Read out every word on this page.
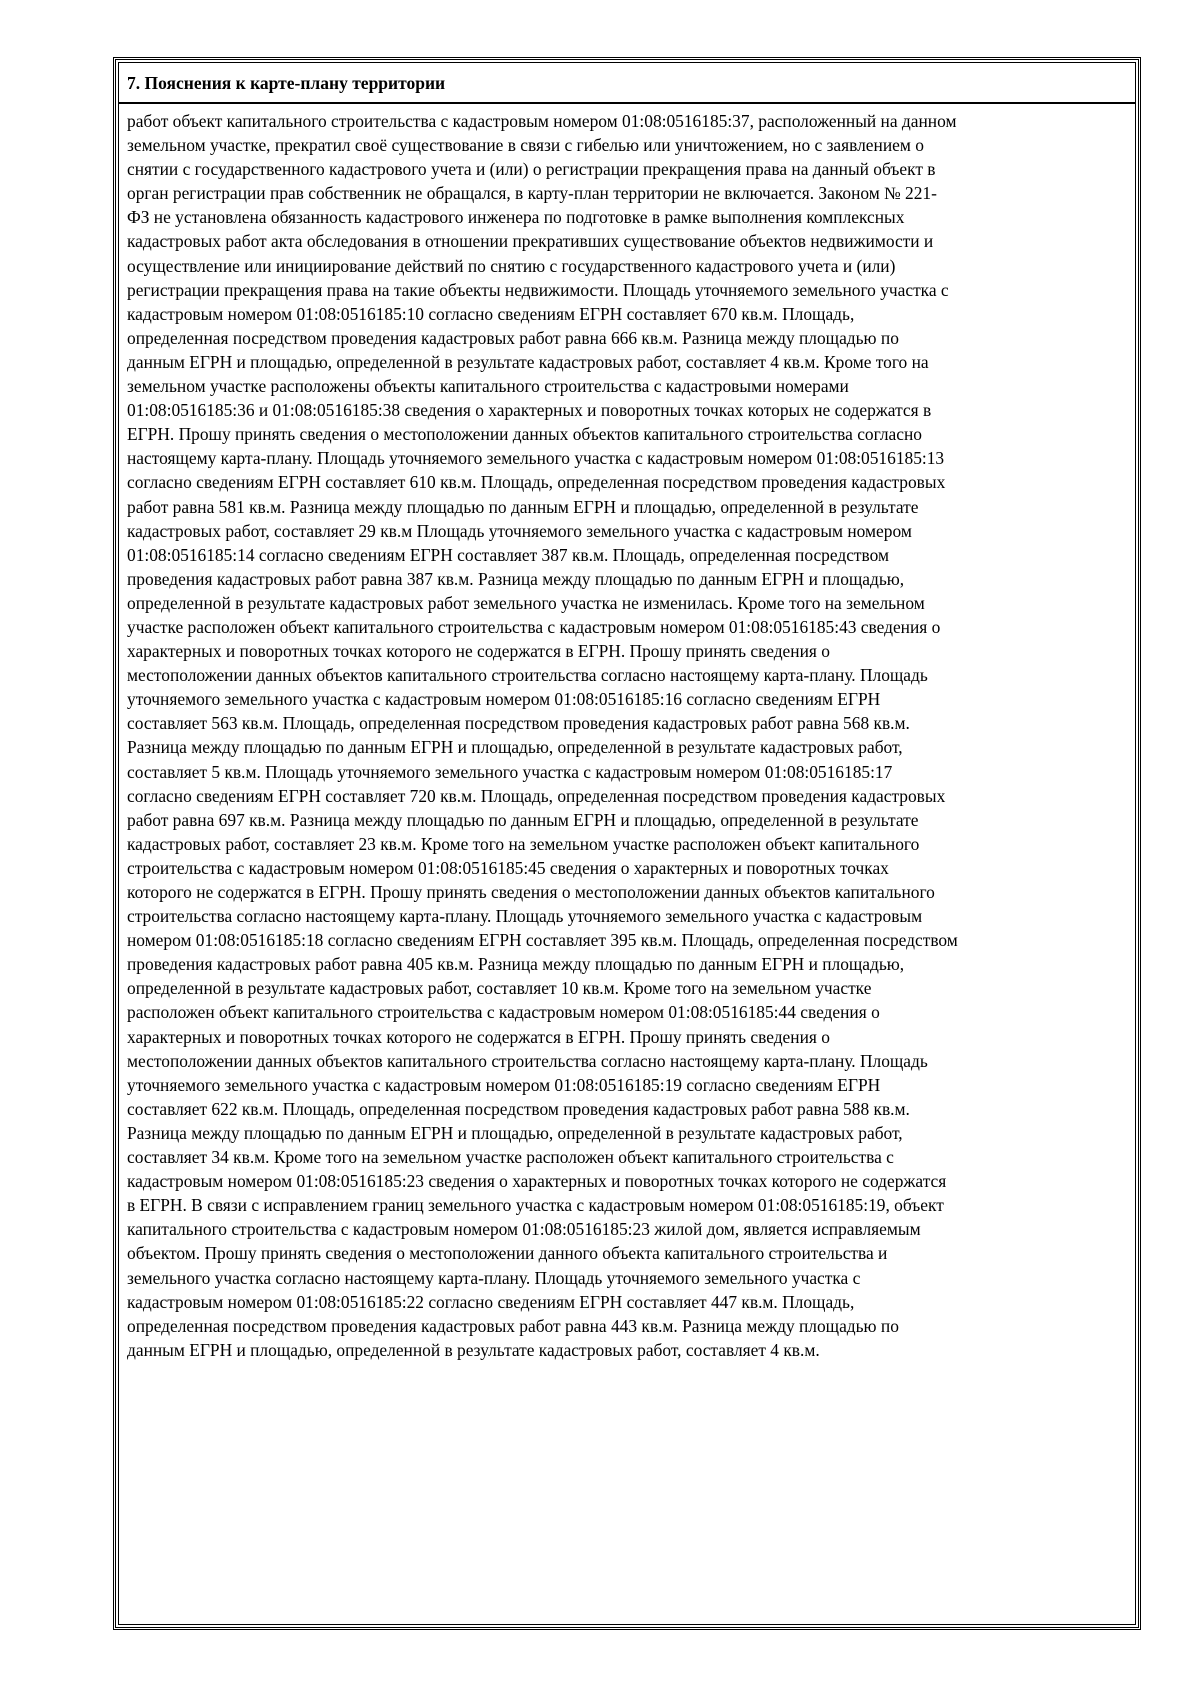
7. Пояснения к карте-плану территории
работ объект капитального строительства с кадастровым номером 01:08:0516185:37, расположенный на данном
земельном участке, прекратил своё существование в связи с гибелью или уничтожением, но с заявлением о
снятии с государственного кадастрового учета и (или) о регистрации прекращения права на данный объект в
орган регистрации прав собственник не обращался, в карту-план территории не включается. Законом № 221-
ФЗ не установлена обязанность кадастрового инженера по подготовке в рамке выполнения комплексных
кадастровых работ акта обследования в отношении прекративших существование объектов недвижимости и
осуществление или инициирование действий по снятию с государственного кадастрового учета и (или)
регистрации прекращения права на такие объекты недвижимости. Площадь уточняемого земельного участка с
кадастровым номером 01:08:0516185:10 согласно сведениям ЕГРН составляет 670 кв.м. Площадь,
определенная посредством проведения кадастровых работ равна 666 кв.м. Разница между площадью по
данным ЕГРН и площадью, определенной в результате кадастровых работ, составляет 4 кв.м. Кроме того на
земельном участке расположены объекты капитального строительства с кадастровыми номерами
01:08:0516185:36 и 01:08:0516185:38 сведения о характерных и поворотных точках которых не содержатся в
ЕГРН. Прошу принять сведения о местоположении данных объектов капитального строительства согласно
настоящему карта-плану. Площадь уточняемого земельного участка с кадастровым номером 01:08:0516185:13
согласно сведениям ЕГРН составляет 610 кв.м. Площадь, определенная посредством проведения кадастровых
работ равна 581 кв.м. Разница между площадью по данным ЕГРН и площадью, определенной в результате
кадастровых работ, составляет 29 кв.м Площадь уточняемого земельного участка с кадастровым номером
01:08:0516185:14 согласно сведениям ЕГРН составляет 387 кв.м. Площадь, определенная посредством
проведения кадастровых работ равна 387 кв.м. Разница между площадью по данным ЕГРН и площадью,
определенной в результате кадастровых работ земельного участка не изменилась. Кроме того на земельном
участке расположен объект капитального строительства с кадастровым номером 01:08:0516185:43 сведения о
характерных и поворотных точках которого не содержатся в ЕГРН. Прошу принять сведения о
местоположении данных объектов капитального строительства согласно настоящему карта-плану. Площадь
уточняемого земельного участка с кадастровым номером 01:08:0516185:16 согласно сведениям ЕГРН
составляет 563 кв.м. Площадь, определенная посредством проведения кадастровых работ равна 568 кв.м.
Разница между площадью по данным ЕГРН и площадью, определенной в результате кадастровых работ,
составляет 5 кв.м. Площадь уточняемого земельного участка с кадастровым номером 01:08:0516185:17
согласно сведениям ЕГРН составляет 720 кв.м. Площадь, определенная посредством проведения кадастровых
работ равна 697 кв.м. Разница между площадью по данным ЕГРН и площадью, определенной в результате
кадастровых работ, составляет 23 кв.м. Кроме того на земельном участке расположен объект капитального
строительства с кадастровым номером 01:08:0516185:45 сведения о характерных и поворотных точках
которого не содержатся в ЕГРН. Прошу принять сведения о местоположении данных объектов капитального
строительства согласно настоящему карта-плану. Площадь уточняемого земельного участка с кадастровым
номером 01:08:0516185:18 согласно сведениям ЕГРН составляет 395 кв.м. Площадь, определенная посредством
проведения кадастровых работ равна 405 кв.м. Разница между площадью по данным ЕГРН и площадью,
определенной в результате кадастровых работ, составляет 10 кв.м. Кроме того на земельном участке
расположен объект капитального строительства с кадастровым номером 01:08:0516185:44 сведения о
характерных и поворотных точках которого не содержатся в ЕГРН. Прошу принять сведения о
местоположении данных объектов капитального строительства согласно настоящему карта-плану. Площадь
уточняемого земельного участка с кадастровым номером 01:08:0516185:19 согласно сведениям ЕГРН
составляет 622 кв.м. Площадь, определенная посредством проведения кадастровых работ равна 588 кв.м.
Разница между площадью по данным ЕГРН и площадью, определенной в результате кадастровых работ,
составляет 34 кв.м. Кроме того на земельном участке расположен объект капитального строительства с
кадастровым номером 01:08:0516185:23 сведения о характерных и поворотных точках которого не содержатся
в ЕГРН. В связи с исправлением границ земельного участка с кадастровым номером 01:08:0516185:19, объект
капитального строительства с кадастровым номером 01:08:0516185:23 жилой дом, является исправляемым
объектом. Прошу принять сведения о местоположении данного объекта капитального строительства и
земельного участка согласно настоящему карта-плану. Площадь уточняемого земельного участка с
кадастровым номером 01:08:0516185:22 согласно сведениям ЕГРН составляет 447 кв.м. Площадь,
определенная посредством проведения кадастровых работ равна 443 кв.м. Разница между площадью по
данным ЕГРН и площадью, определенной в результате кадастровых работ, составляет 4 кв.м.
